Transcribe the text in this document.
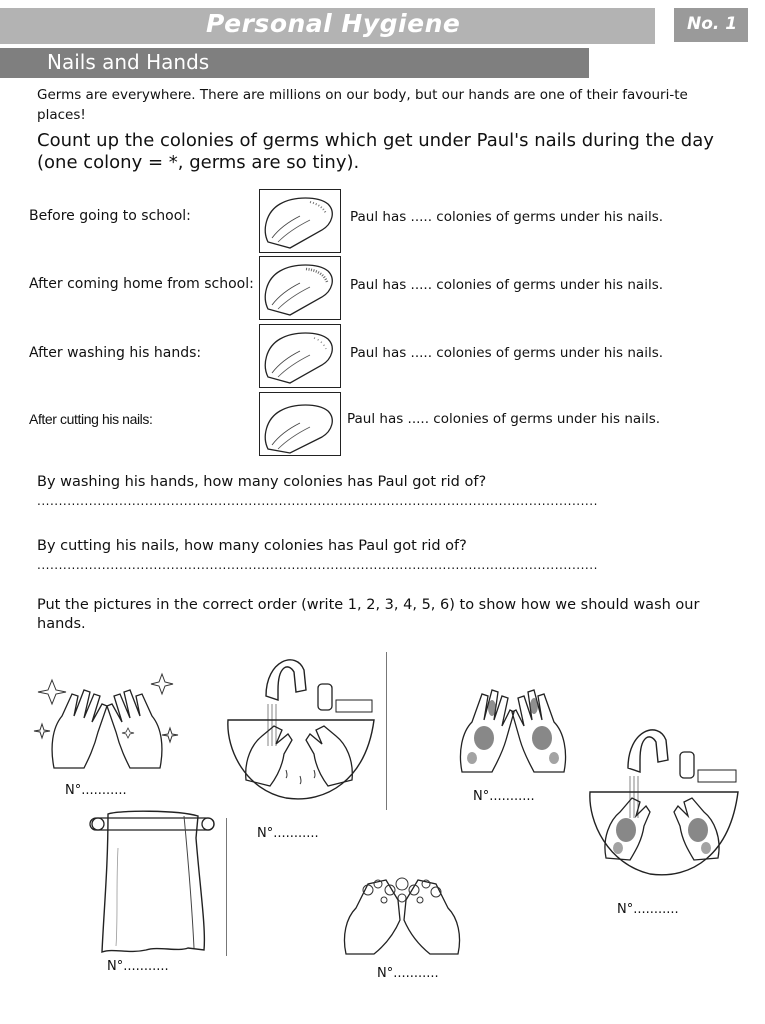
Personal Hygiene	No. 1
Nails and Hands
Germs are everywhere. There are millions on our body, but our hands are one of their favouri-te places!
Count up the colonies of germs which get under Paul's nails during the day (one colony = *, germs are so tiny).
Before going to school:	Paul has ..... colonies of germs under his nails.
After coming home from school:	Paul has ..... colonies of germs under his nails.
After washing his hands:	Paul has ..... colonies of germs under his nails.
After cutting his nails:	Paul has ..... colonies of germs under his nails.
By washing his hands, how many colonies has Paul got rid of?
..................................................................................................................................
By cutting his nails, how many colonies has Paul got rid of?
..................................................................................................................................
Put the pictures in the correct order (write 1, 2, 3, 4, 5, 6) to show how we should wash our hands.
N°...........
N°...........
N°...........
N°...........	N°...........
N°...........
